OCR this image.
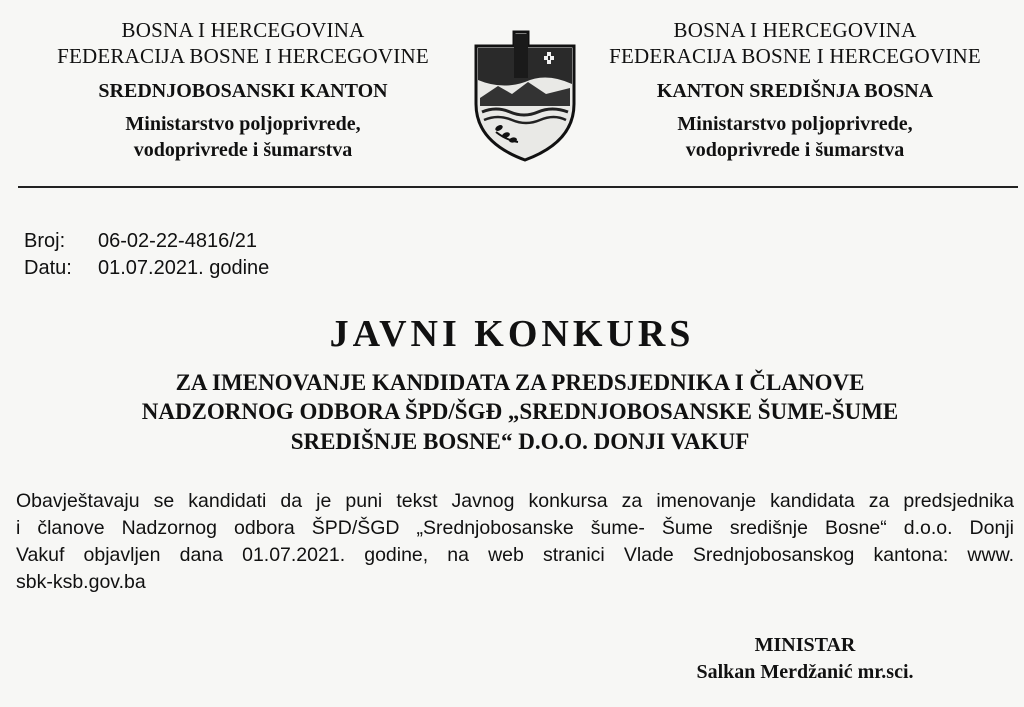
BOSNA I HERCEGOVINA
FEDERACIJA BOSNE I HERCEGOVINE
SREDNJOBOSANSKI KANTON
Ministarstvo poljoprivrede,
vodoprivrede i šumarstva
BOSNA I HERCEGOVINA
FEDERACIJA BOSNE I HERCEGOVINE
KANTON SREDIŠNJA BOSNA
Ministarstvo poljoprivrede,
vodoprivrede i šumarstva
Broj:	06-02-22-4816/21
Datu:	01.07.2021. godine
JAVNI KONKURS
ZA IMENOVANJE KANDIDATA ZA PREDSJEDNIKA I ČLANOVE
NADZORNOG ODBORA ŠPD/ŠGĐ „SREDNJOBOSANSKE ŠUME-ŠUME
SREDIŠNJE BOSNE“ D.O.O. DONJI VAKUF
Obavještavaju se kandidati da je puni tekst Javnog konkursa za imenovanje kandidata za predsjednika
i članove Nadzornog odbora ŠPD/ŠGD „Srednjobosanske šume- Šume središnje Bosne“ d.o.o. Donji
Vakuf objavljen dana 01.07.2021. godine, na web stranici Vlade Srednjobosanskog kantona: www.
sbk-ksb.gov.ba
MINISTAR
Salkan Merdžanić mr.sci.
